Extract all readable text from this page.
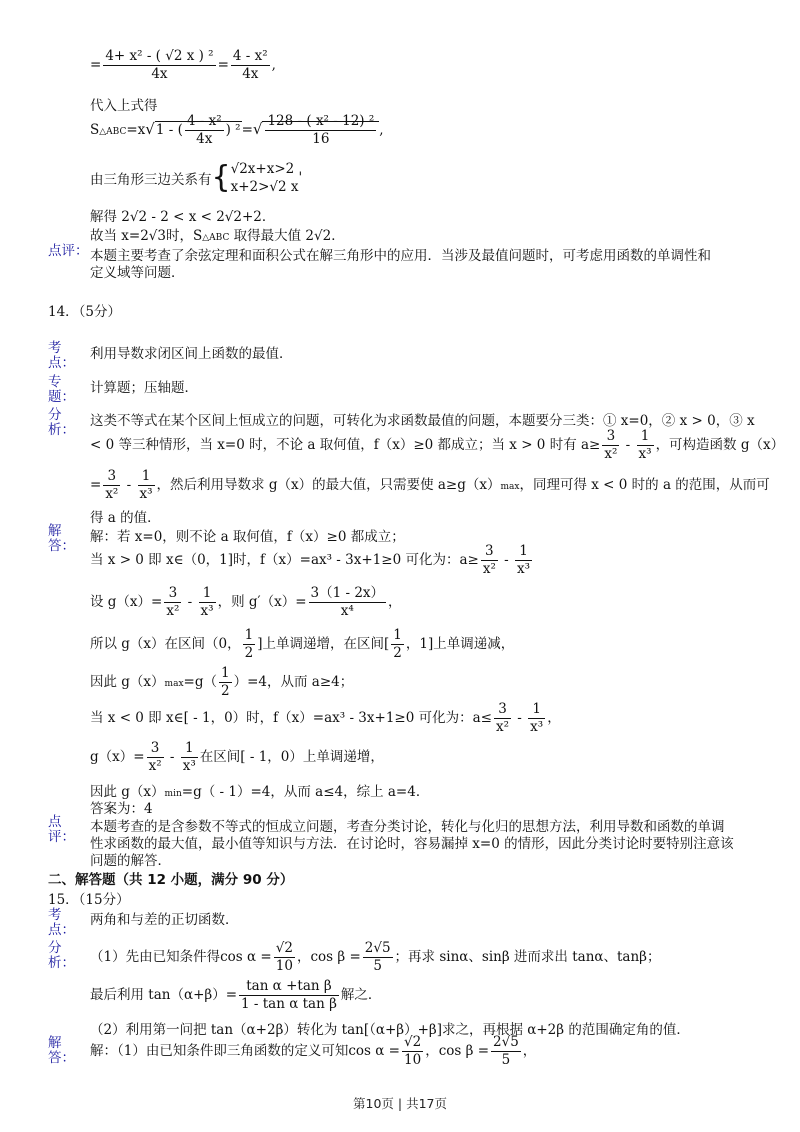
= $\frac{\text{4+ x² - ( √2 x ) ²}}{4x} = \frac{\text{4 - x²}}{4x}$ ,
代入上式得
S△ABC=x√1 - ( $\frac{\text{4 - x²}}{4x}$ ) $^2=√ \frac{\text{128 - ( x² - 12) ²}}{16}$ ,
由三角形三边关系有{ √2x+x>2
x+2>√2 x
'
解得 2√2 - 2 < x < 2√2+2．
故当 x=2√3时，S△ABC 取得最大值 2√2．
点评： 本题主要考查了余弦定理和面积公式在解三角形中的应用．当涉及最值问题时，可考虑用函数的单调性和
定义域等问题．
14．（5分）
考
点：
利用导数求闭区间上函数的最值．
专
题：
计算题；压轴题．
分
析：
这类不等式在某个区间上恒成立的问题，可转化为求函数最值的问题，本题要分三类：① x=0，② x > 0，③ x
< 0 等三种情形，当 x=0 时，不论 a 取何值，f（x）≥0 都成立；当 x > 0 时有 $a\ge \frac{3}{\text{x²}} - \frac{1}{\text{x³}}$ ，可构造函数 g（x）
= $\frac{3}{\text{x²}} - \frac{1}{\text{x³}}$ ，然后利用导数求 g（x）的最大值，只需要使 a≥g（x）max，同理可得 x < 0 时的 a 的范围，从而可
得 a 的值．
解
答：
解：若 x=0，则不论 a 取何值，f（x）≥0 都成立；
当 x > 0 即 x∈（0，1]时，f（x）=ax³ - 3x+1≥0 可化为：$a\ge \frac{3}{\text{x²}} - \frac{1}{\text{x³}}$
设 $g(x)= \frac{3}{\text{x²}} - \frac{1}{\text{x³}}$ ，则 $g'(x)= \frac{3(1 - 2x)}{\text{x⁴}}$ ，
所以 g（x）在区间（0， $\frac{1}{2}$ ]上单调递增，在区间[ $\frac{1}{2}$ ，1]上单调递减，
因此 $g(x)\max=g( \frac{1}{2} )=4$，从而 a≥4；
当 x < 0 即 x∈[ - 1，0）时，f（x）=ax³ - 3x+1≥0 可化为：$a\le \frac{3}{\text{x²}} - \frac{1}{\text{x³}}$ ，
$g(x)= \frac{3}{\text{x²}} - \frac{1}{\text{x³}}$ 在区间[ - 1，0）上单调递增，
因此 g（x）min=g（ - 1）=4，从而 a≤4，综上 a=4．
答案为：4
点
评：
本题考查的是含参数不等式的恒成立问题，考查分类讨论，转化与化归的思想方法，利用导数和函数的单调
性求函数的最大值，最小值等知识与方法．在讨论时，容易漏掉 x=0 的情形，因此分类讨论时要特别注意该
问题的解答．
二、解答题（共 12 小题，满分 90 分）
15．（15分）
考
点：
两角和与差的正切函数．
分
析： （1）先由已知条件得$\cos \alpha = \frac{√2}{10}$ ，$\cos \beta = \frac{2√5}{5}$ ；再求 sinα、sinβ 进而求出 tanα、tanβ；
最后利用 $\tan(\alpha+\beta)= \frac{\text{tan α +tan β}}{\text{1 - tan α tan β}}$ 解之．
（2）利用第一问把 tan（α+2β）转化为 tan[（α+β）+β]求之，再根据 α+2β 的范围确定角的值．
解
答： 解：（1）由已知条件即三角函数的定义可知$\cos \alpha = \frac{√2}{10}$ ，$\cos \beta = \frac{2√5}{5}$ ，
第10页 | 共17页
